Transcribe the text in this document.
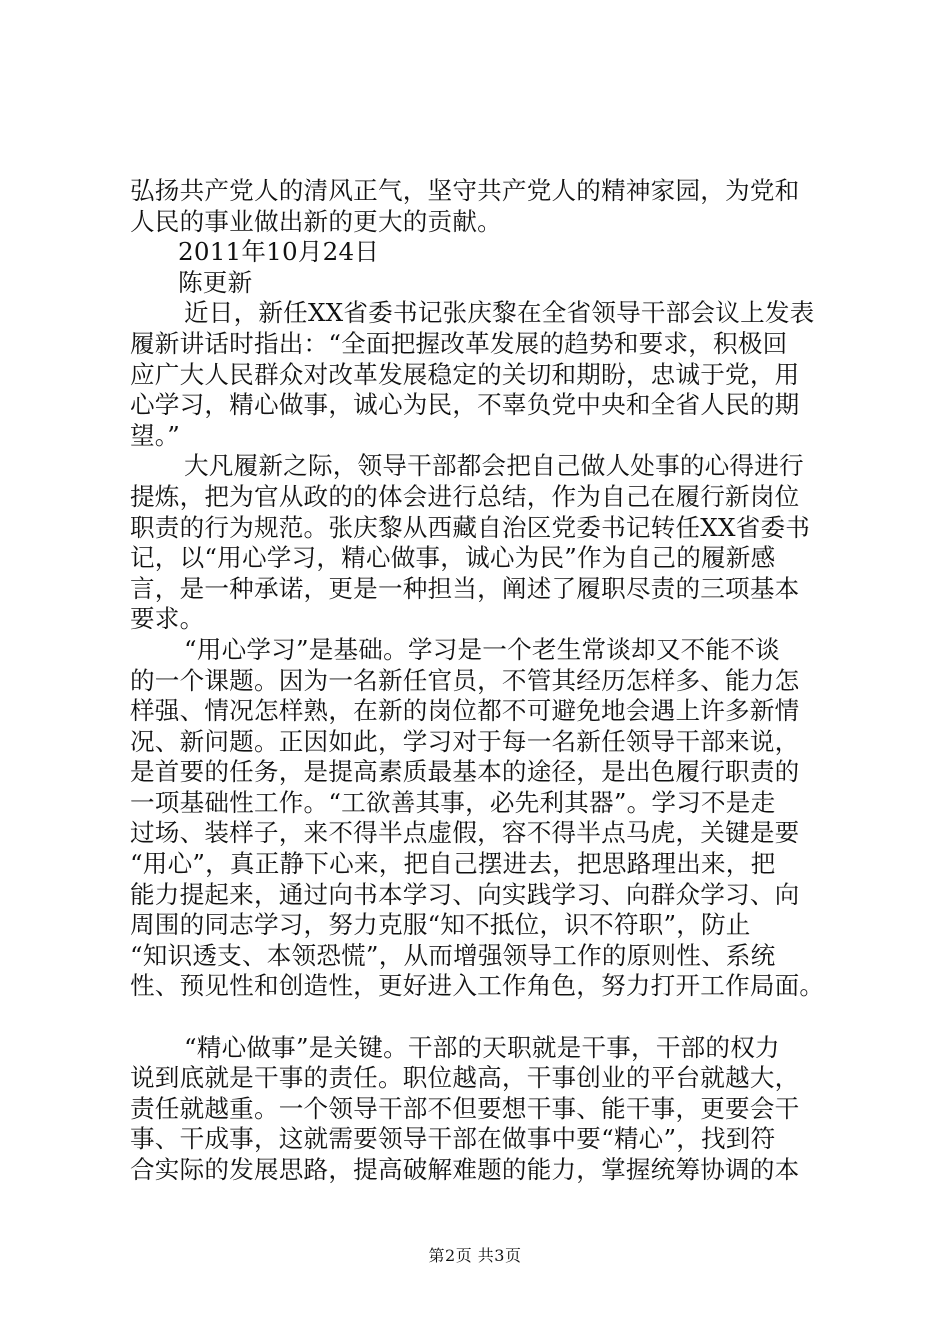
弘扬共产党人的清风正气，坚守共产党人的精神家园，为党和
人民的事业做出新的更大的贡献。
2011年10月24日
陈更新
近日，新任XX省委书记张庆黎在全省领导干部会议上发表
履新讲话时指出：“全面把握改革发展的趋势和要求，积极回
应广大人民群众对改革发展稳定的关切和期盼，忠诚于党，用
心学习，精心做事，诚心为民，不辜负党中央和全省人民的期
望。”
大凡履新之际，领导干部都会把自己做人处事的心得进行
提炼，把为官从政的的体会进行总结，作为自己在履行新岗位
职责的行为规范。张庆黎从西藏自治区党委书记转任XX省委书
记，以“用心学习，精心做事，诚心为民”作为自己的履新感
言，是一种承诺，更是一种担当，阐述了履职尽责的三项基本
要求。
“用心学习”是基础。学习是一个老生常谈却又不能不谈
的一个课题。因为一名新任官员，不管其经历怎样多、能力怎
样强、情况怎样熟，在新的岗位都不可避免地会遇上许多新情
况、新问题。正因如此，学习对于每一名新任领导干部来说，
是首要的任务，是提高素质最基本的途径，是出色履行职责的
一项基础性工作。“工欲善其事，必先利其器”。学习不是走
过场、装样子，来不得半点虚假，容不得半点马虎，关键是要
“用心”，真正静下心来，把自己摆进去，把思路理出来，把
能力提起来，通过向书本学习、向实践学习、向群众学习、向
周围的同志学习，努力克服“知不抵位，识不符职”，防止
“知识透支、本领恐慌”，从而增强领导工作的原则性、系统
性、预见性和创造性，更好进入工作角色，努力打开工作局面。
“精心做事”是关键。干部的天职就是干事，干部的权力
说到底就是干事的责任。职位越高，干事创业的平台就越大，
责任就越重。一个领导干部不但要想干事、能干事，更要会干
事、干成事，这就需要领导干部在做事中要“精心”，找到符
合实际的发展思路，提高破解难题的能力，掌握统筹协调的本
第2页 共3页
